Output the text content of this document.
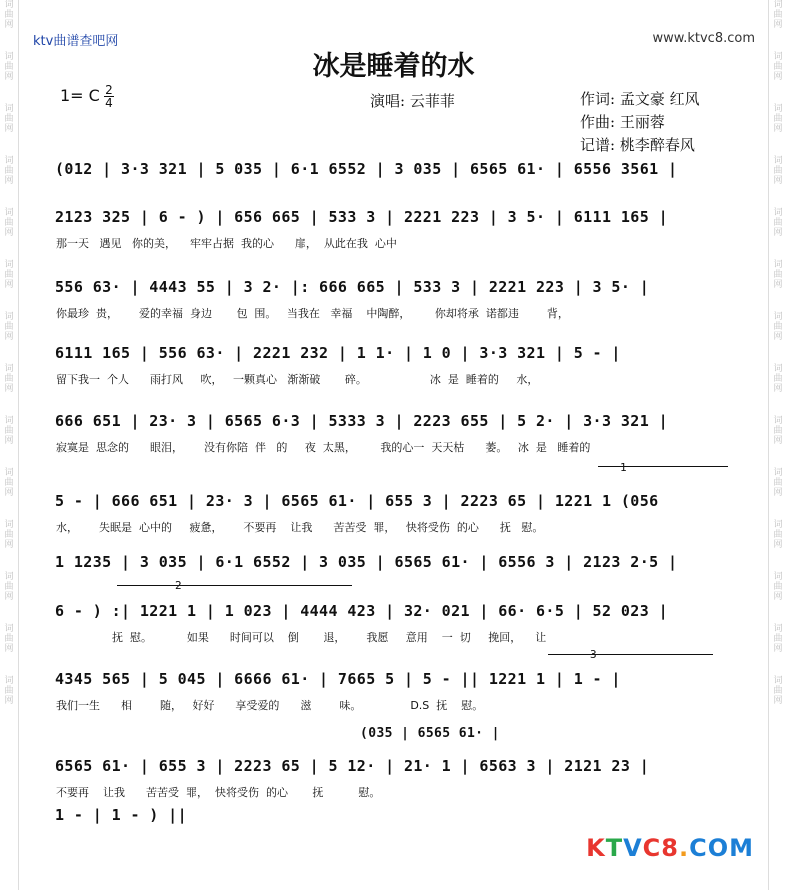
词
曲
网
词
曲
网
词
曲
网
词
曲
网
词
曲
网
词
曲
网
词
曲
网
词
曲
网
词
曲
网
词
曲
网
词
曲
网
词
曲
网
词
曲
网
词
曲
网
词
曲
网
词
曲
网
词
曲
网
词
曲
网
词
曲
网
词
曲
网
词
曲
网
词
曲
网
词
曲
网
词
曲
网
词
曲
网
词
曲
网
词
曲
网
词
曲
网
ktv曲谱查吧网	www.ktvc8.com
冰是睡着的水
1= C 2
4	演唱: 云菲菲	作词: 孟文豪 红风
作曲: 王丽蓉
记谱: 桃李醉春风
(012 | 3·3 321 | 5 035 | 6·1 6552 | 3 035 | 6565 61· | 6556 3561 |
2123 325 | 6 - ) | 656 665 | 533 3 | 2221 223 | 3 5· | 6111 165 |
那一天   遇见   你的美，    牢牢占据  我的心      扉，  从此在我  心中
556 63· | 4443 55 | 3 2· |: 666 665 | 533 3 | 2221 223 | 3 5· |
你最珍  贵，      爱的幸福  身边       包  围。   当我在   幸福    中陶醉，       你却将承  诺都违        背，
6111 165 | 556 63· | 2221 232 | 1 1· | 1 0 | 3·3 321 | 5 - |
留下我一  个人      雨打风     吹，   一颗真心   渐渐破       碎。                  冰  是  睡着的     水，
666 651 | 23· 3 | 6565 6·3 | 5333 3 | 2223 655 | 5 2· | 3·3 321 |
寂寞是  思念的      眼泪，      没有你陪  伴   的     夜  太黑，       我的心一  天天枯      萎。   冰  是   睡着的
5 - | 666 651 | 23· 3 | 6565 61· | 655 3 | 2223 65 | 1221 1 (056
水，      失眠是  心中的     疲惫，      不要再    让我      苦苦受  罪，   快将受伤  的心      抚   慰。
1 1235 | 3 035 | 6·1 6552 | 3 035 | 6565 61· | 6556 3 | 2123 2·5 |
6 - ) :| 1221 1 | 1 023 | 4444 423 | 32· 021 | 66· 6·5 | 52 023 |
抚  慰。          如果      时间可以    倒       退，      我愿     意用    一  切     挽回，    让
4345 565 | 5 045 | 6666 61· | 7665 5 | 5 - || 1221 1 | 1 - |
我们一生      相        随，   好好      享受爱的      滋        味。              D.S  抚    慰。
6565 61· | 655 3 | 2223 65 | 5 12· | 21· 1 | 6563 3 | 2121 23 |
不要再    让我      苦苦受  罪，  快将受伤  的心       抚          慰。
1 - | 1 - ) ||
1
2
3
(035 | 6565 61· |
KTVC8.COM
